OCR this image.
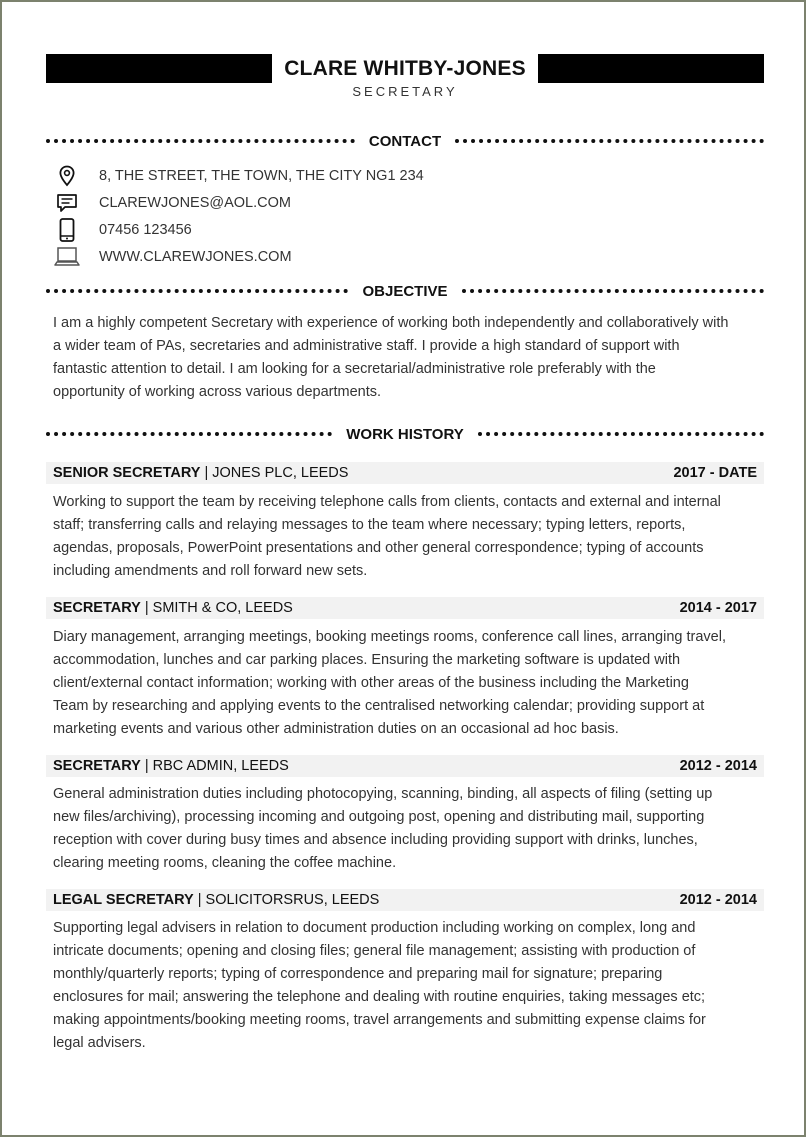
CLARE WHITBY-JONES
SECRETARY
CONTACT
8, THE STREET, THE TOWN, THE CITY NG1 234
CLAREWJONES@AOL.COM
07456 123456
WWW.CLAREWJONES.COM
OBJECTIVE

I am a highly competent Secretary with experience of working both independently and collaboratively with
a wider team of PAs, secretaries and administrative staff. I provide a high standard of support with
fantastic attention to detail. I am looking for a secretarial/administrative role preferably with the
opportunity of working across various departments.

WORK HISTORY
SENIOR SECRETARY | JONES PLC, LEEDS	2017 - DATE

Working to support the team by receiving telephone calls from clients, contacts and external and internal
staff; transferring calls and relaying messages to the team where necessary; typing letters, reports,
agendas, proposals, PowerPoint presentations and other general correspondence; typing of accounts
including amendments and roll forward new sets.

SECRETARY | SMITH & CO, LEEDS	2014 - 2017

Diary management, arranging meetings, booking meetings rooms, conference call lines, arranging travel,
accommodation, lunches and car parking places. Ensuring the marketing software is updated with
client/external contact information; working with other areas of the business including the Marketing
Team by researching and applying events to the centralised networking calendar; providing support at
marketing events and various other administration duties on an occasional ad hoc basis.

SECRETARY | RBC ADMIN, LEEDS	2012 - 2014

General administration duties including photocopying, scanning, binding, all aspects of filing (setting up
new files/archiving), processing incoming and outgoing post, opening and distributing mail, supporting
reception with cover during busy times and absence including providing support with drinks, lunches,
clearing meeting rooms, cleaning the coffee machine.

LEGAL SECRETARY | SOLICITORSRUS, LEEDS	2012 - 2014

Supporting legal advisers in relation to document production including working on complex, long and
intricate documents; opening and closing files; general file management; assisting with production of
monthly/quarterly reports; typing of correspondence and preparing mail for signature; preparing
enclosures for mail; answering the telephone and dealing with routine enquiries, taking messages etc;
making appointments/booking meeting rooms, travel arrangements and submitting expense claims for
legal advisers.
